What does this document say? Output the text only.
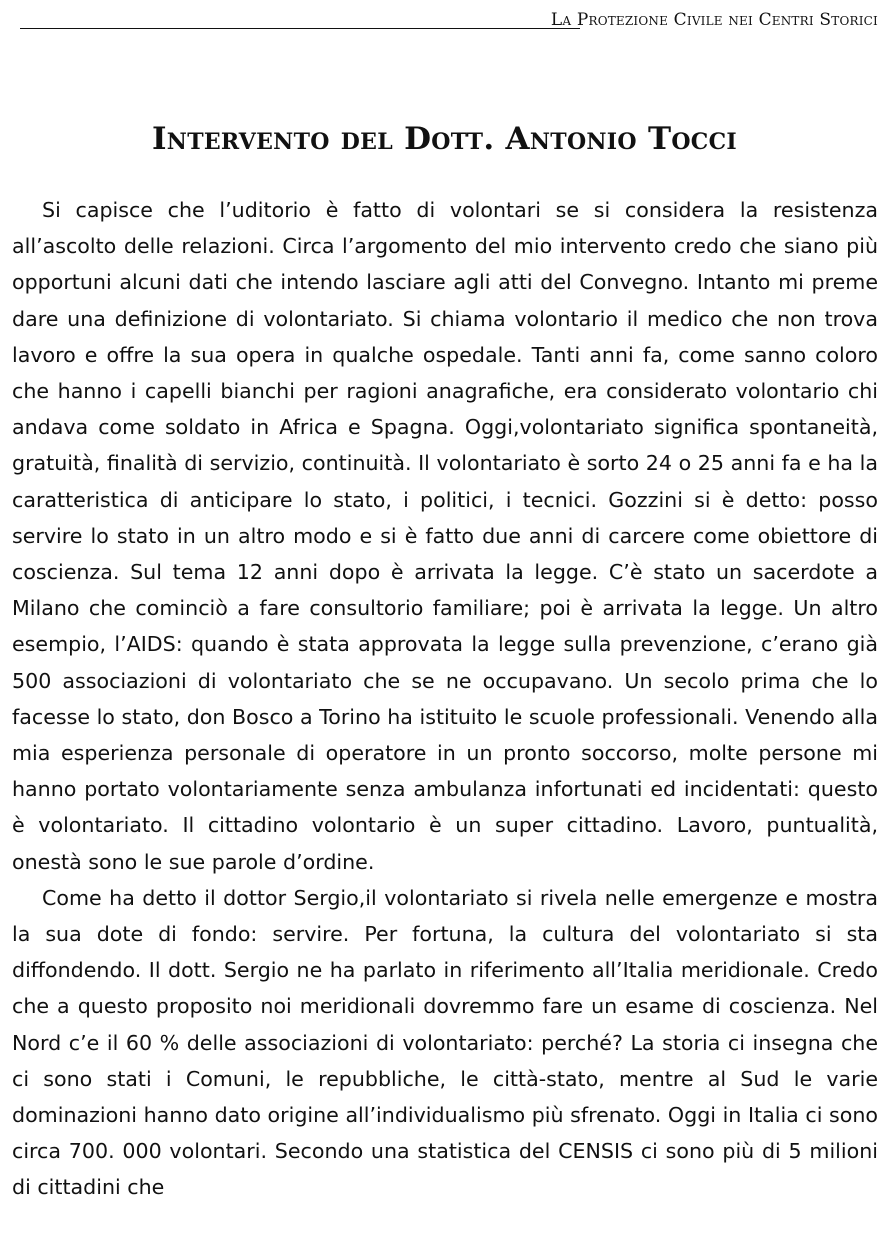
La Protezione Civile nei Centri Storici
Intervento del Dott. Antonio Tocci

Si capisce che l’uditorio è fatto di volontari se si considera la resistenza all’ascolto delle relazioni. Circa l’argomento del mio intervento credo che siano più opportuni alcuni dati che intendo lasciare agli atti del Convegno. Intanto mi preme dare una definizione di volontariato. Si chiama volontario il medico che non trova lavoro e offre la sua opera in qualche ospedale. Tanti anni fa, come sanno coloro che hanno i capelli bianchi per ragioni anagrafiche, era considerato volontario chi andava come soldato in Africa e Spagna. Oggi,volontariato significa spontaneità, gratuità, finalità di servizio, continuità. Il volontariato è sorto 24 o 25 anni fa e ha la caratteristica di anticipare lo stato, i politici, i tecnici. Gozzini si è detto: posso servire lo stato in un altro modo e si è fatto due anni di carcere come obiettore di coscienza. Sul tema 12 anni dopo è arrivata la legge. C’è stato un sacerdote a Milano che cominciò a fare consultorio familiare; poi è arrivata la legge. Un altro esempio, l’AIDS: quando è stata approvata la legge sulla prevenzione, c’erano già 500 associazioni di volontariato che se ne occupavano. Un secolo prima che lo facesse lo stato, don Bosco a Torino ha istituito le scuole professionali. Venendo alla mia esperienza personale di operatore in un pronto soccorso, molte persone mi hanno portato volontariamente senza ambulanza infortunati ed incidentati: questo è volontariato. Il cittadino volontario è un super cittadino. Lavoro, puntualità, onestà sono le sue parole d’ordine.

Come ha detto il dottor Sergio,il volontariato si rivela nelle emergenze e mostra la sua dote di fondo: servire. Per fortuna, la cultura del volontariato si sta diffondendo. Il dott. Sergio ne ha parlato in riferimento all’Italia meridionale. Credo che a questo proposito noi meridionali dovremmo fare un esame di coscienza. Nel Nord c’e il 60 % delle associazioni di volontariato: perché? La storia ci insegna che ci sono stati i Comuni, le repubbliche, le città-stato, mentre al Sud le varie dominazioni hanno dato origine all’individualismo più sfrenato. Oggi in Italia ci sono circa 700. 000 volontari. Secondo una statistica del CENSIS ci sono più di 5 milioni di cittadini che
